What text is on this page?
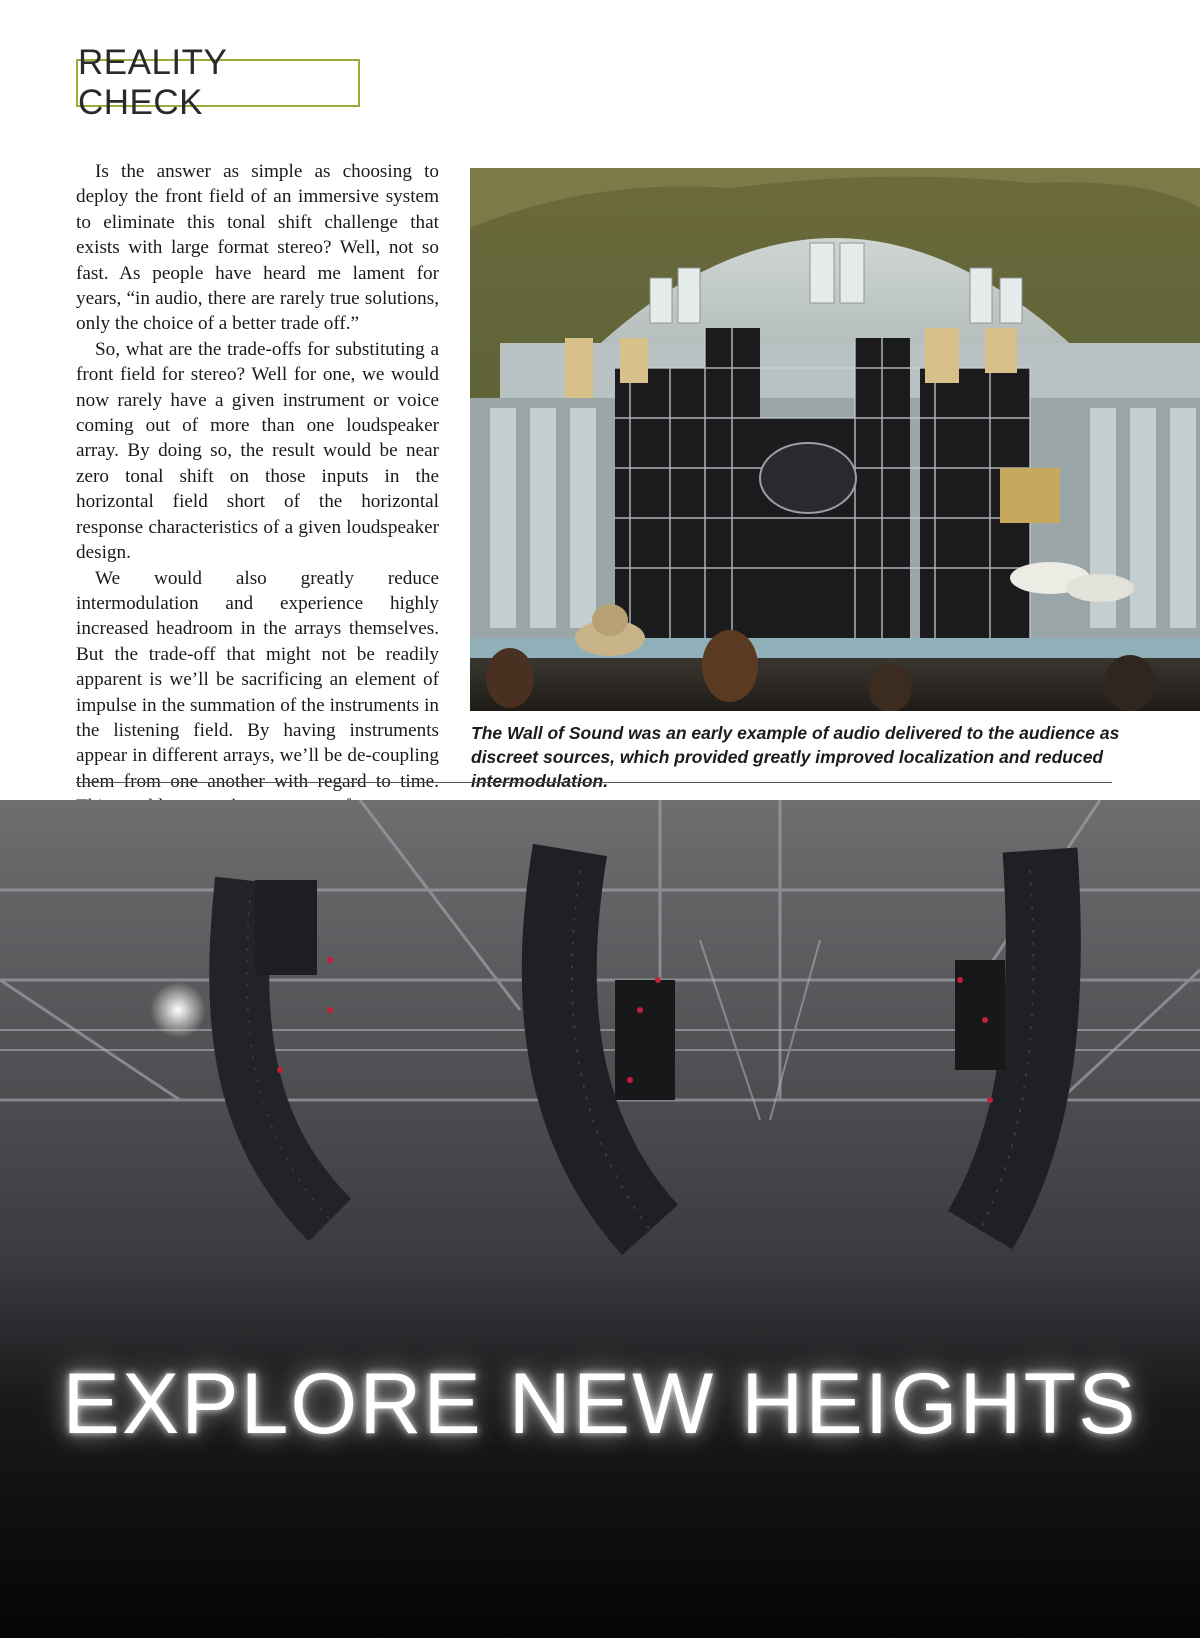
REALITY CHECK

Is the answer as simple as choosing to deploy the front field of an immersive system to eliminate this tonal shift challenge that exists with large format stereo? Well, not so fast. As people have heard me lament for years, “in audio, there are rarely true solutions, only the choice of a better trade off.”

So, what are the trade-offs for substituting a front field for stereo? Well for one, we would now rarely have a given instrument or voice coming out of more than one loudspeaker array. By doing so, the result would be near zero tonal shift on those inputs in the horizontal field short of the horizontal response characteristics of a given loudspeaker design.

We would also greatly reduce intermodulation and experience highly increased headroom in the arrays themselves. But the trade-off that might not be readily apparent is we’ll be sacrificing an element of impulse in the summation of the instruments in the listening field. By having instruments appear in different arrays, we’ll be de-coupling them from one another with regard to time.

The Wall of Sound was an early example of audio delivered to the audience as discreet sources, which provided greatly improved localization and reduced intermodulation.
EXPLORE NEW HEIGHTS
